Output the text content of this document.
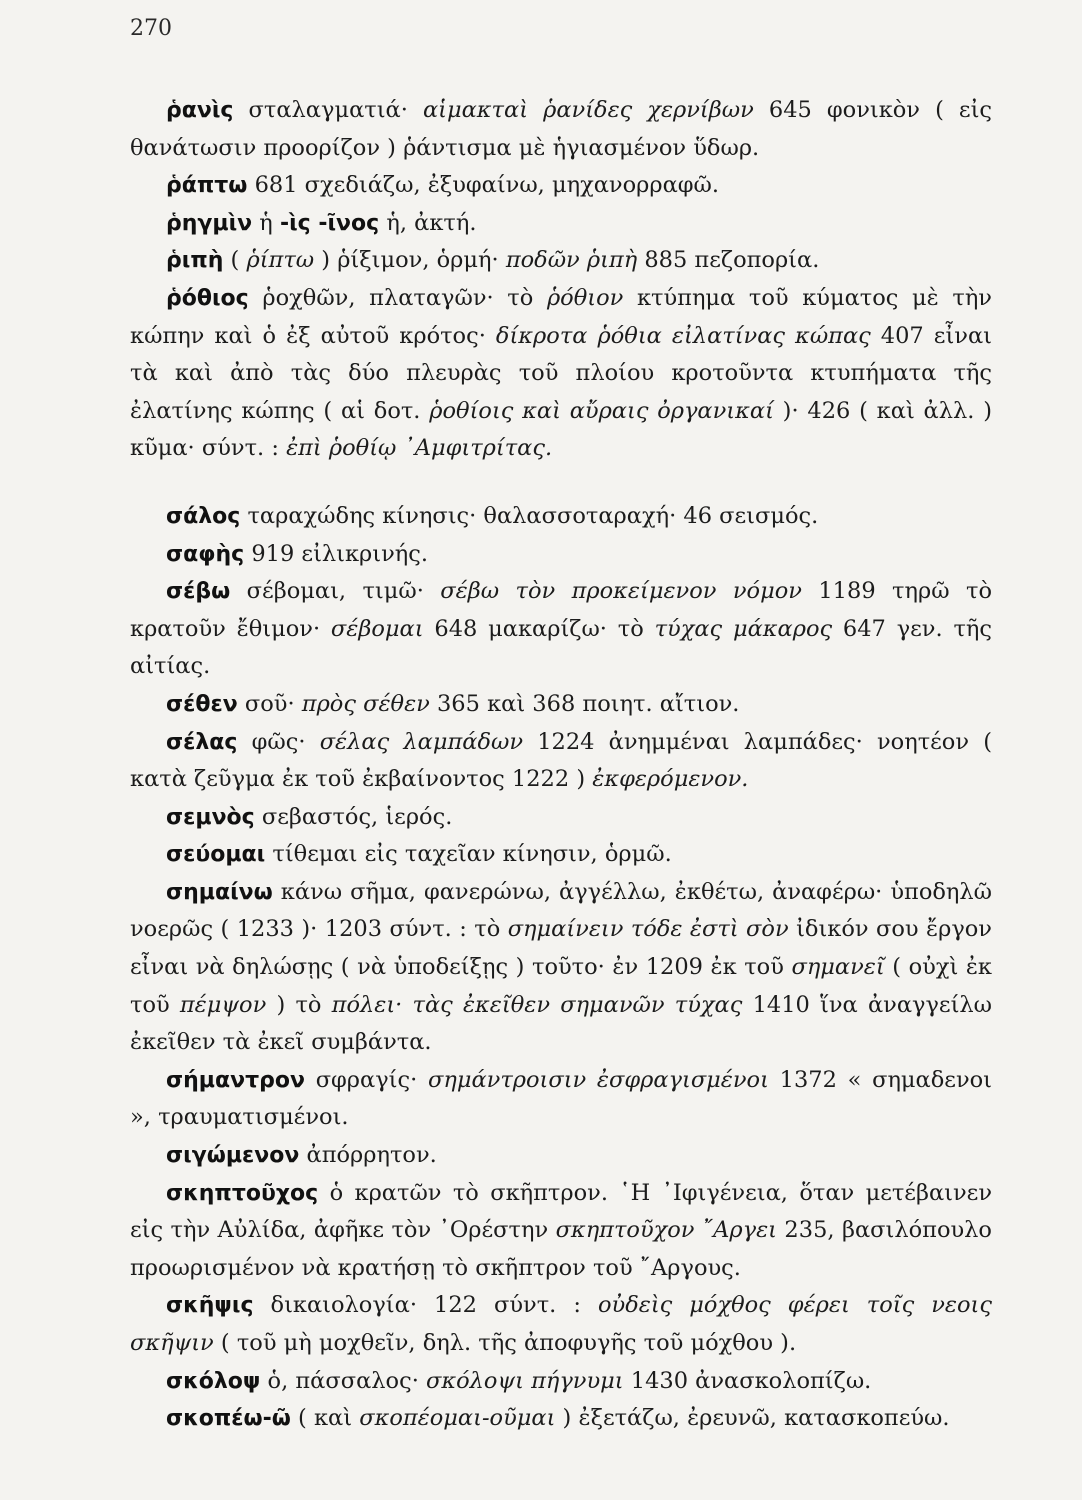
270
ῥανὶς σταλαγματιά· αἱμακταὶ ῥανίδες χερνίβων 645 φονικὸν ( εἰς θανάτωσιν προορίζον ) ῥάντισμα μὲ ἡγιασμένον ὕδωρ.
ῥάπτω 681 σχεδιάζω, ἐξυφαίνω, μηχανορραφῶ.
ῥηγμὶν ἡ -ὶς -ῖνος ἡ, ἀκτή.
ῥιπὴ ( ῥίπτω ) ῥίξιμον, ὁρμή· ποδῶν ῥιπὴ 885 πεζοπορία.
ῥόθιος ῥοχθῶν, πλαταγῶν· τὸ ῥόθιον κτύπημα τοῦ κύματος μὲ τὴν κώπην καὶ ὁ ἐξ αὐτοῦ κρότος· δίκροτα ῥόθια εἰλατίνας κώπας 407 εἶναι τὰ καὶ ἀπὸ τὰς δύο πλευρὰς τοῦ πλοίου κροτοῦντα κτυπήματα τῆς ἐλατίνης κώπης ( αἱ δοτ. ῥοθίοις καὶ αὔραις ὀργανικαί )· 426 ( καὶ ἀλλ. ) κῦμα· σύντ. : ἐπὶ ῥοθίῳ ᾽Αμφιτρίτας.
σάλος ταραχώδης κίνησις· θαλασσοταραχή· 46 σεισμός.
σαφὴς 919 εἰλικρινής.
σέβω σέβομαι, τιμῶ· σέβω τὸν προκείμενον νόμον 1189 τηρῶ τὸ κρατοῦν ἔθιμον· σέβομαι 648 μακαρίζω· τὸ τύχας μάκαρος 647 γεν. τῆς αἰτίας.
σέθεν σοῦ· πρὸς σέθεν 365 καὶ 368 ποιητ. αἴτιον.
σέλας φῶς· σέλας λαμπάδων 1224 ἀνημμέναι λαμπάδες· νοητέον ( κατὰ ζεῦγμα ἐκ τοῦ ἐκβαίνοντος 1222 ) ἐκφερόμενον.
σεμνὸς σεβαστός, ἱερός.
σεύομαι τίθεμαι εἰς ταχεῖαν κίνησιν, ὁρμῶ.
σημαίνω κάνω σῆμα, φανερώνω, ἀγγέλλω, ἐκθέτω, ἀναφέρω· ὑποδηλῶ νοερῶς ( 1233 )· 1203 σύντ. : τὸ σημαίνειν τόδε ἐστὶ σὸν ἰδικόν σου ἔργον εἶναι νὰ δηλώσῃς ( νὰ ὑποδείξῃς ) τοῦτο· ἐν 1209 ἐκ τοῦ σημανεῖ ( οὐχὶ ἐκ τοῦ πέμψον ) τὸ πόλει· τὰς ἐκεῖθεν σημανῶν τύχας 1410 ἵνα ἀναγγείλω ἐκεῖθεν τὰ ἐκεῖ συμβάντα.
σήμαντρον σφραγίς· σημάντροισιν ἐσφραγισμένοι 1372 « σημαδενοι », τραυματισμένοι.
σιγώμενον ἀπόρρητον.
σκηπτοῦχος ὁ κρατῶν τὸ σκῆπτρον. ῾Η ᾽Ιφιγένεια, ὅταν μετέβαινεν εἰς τὴν Αὐλίδα, ἀφῆκε τὸν ᾽Ορέστην σκηπτοῦχον ῎Αργει 235, βασιλόπουλο προωρισμένον νὰ κρατήσῃ τὸ σκῆπτρον τοῦ ῎Αργους.
σκῆψις δικαιολογία· 122 σύντ. : οὐδεὶς μόχθος φέρει τοῖς νεοις σκῆψιν ( τοῦ μὴ μοχθεῖν, δηλ. τῆς ἀποφυγῆς τοῦ μόχθου ).
σκόλοψ ὁ, πάσσαλος· σκόλοψι πήγνυμι 1430 ἀνασκολοπίζω.
σκοπέω-ῶ ( καὶ σκοπέομαι-οῦμαι ) ἐξετάζω, ἐρευνῶ, κατασκοπεύω.
